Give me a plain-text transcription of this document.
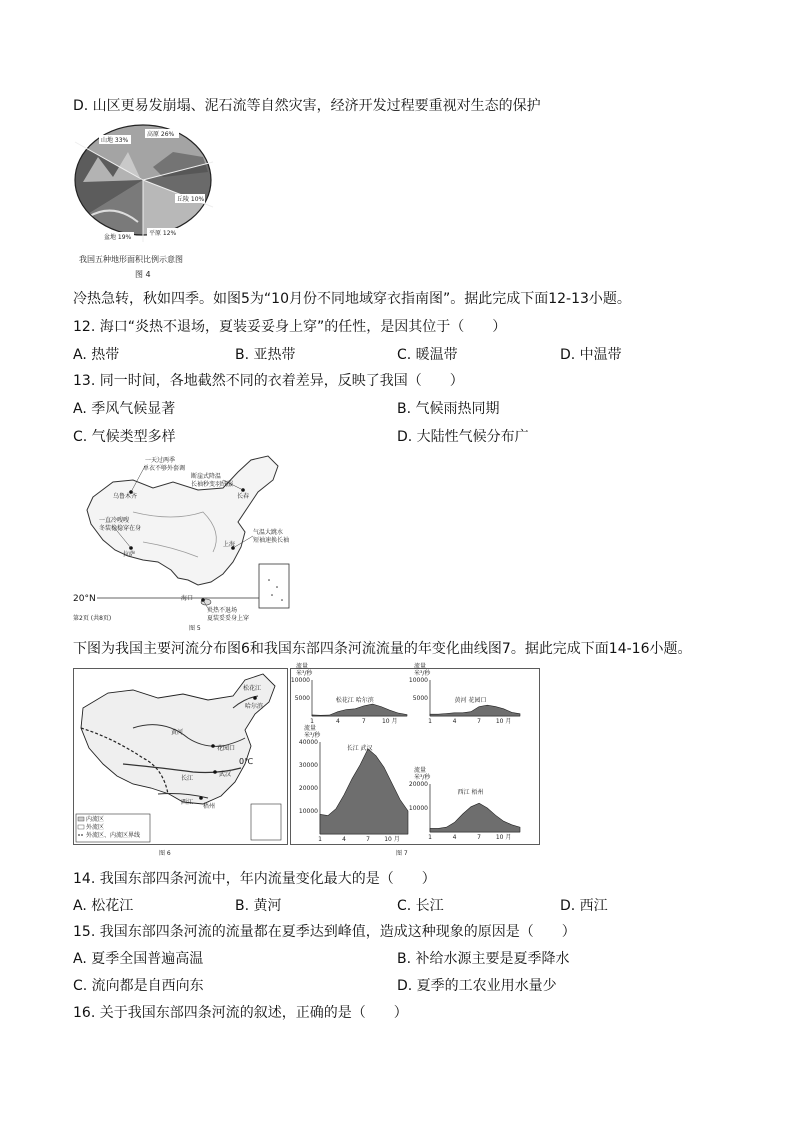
D. 山区更易发崩塌、泥石流等自然灾害，经济开发过程要重视对生态的保护
山地 33%
高原 26%
丘陵 10%
平原 12%
盆地 19%
我国五种地形面积比例示意图
图 4
冷热急转，秋如四季。如图5为“10月份不同地域穿衣指南图”。据此完成下面12-13小题。
12. 海口“炎热不退场，夏装妥妥身上穿”的任性，是因其位于（　　）
A. 热带	B. 亚热带	C. 暖温带	D. 中温带
13. 同一时间，各地截然不同的衣着差异，反映了我国（　　）
A. 季风气候显著	B. 气候雨热同期
C. 气候类型多样	D. 大陆性气候分布广
一天过两季
单衣不够外套调
乌鲁木齐
断崖式降温
长袖秒变羽绒服
长春
一直冷嗖嗖
冬装稳稳穿在身
拉萨
气温大跳水
短袖速换长袖
上海
海口
炎热不退场
夏装妥妥身上穿
20°N
第2页 (共8页)
图 5
下图为我国主要河流分布图6和我国东部四条河流流量的年变化曲线图7。据此完成下面14-16小题。
松花江
哈尔滨
黄河
花园口
长江
武汉
西江
梧州
0℃
内流区
外流区
外流区、内流区界线
图 6	图 7
流量
米³/秒
10000
5000	松花江 哈尔滨
1	4	7	10 月
流量
米³/秒
10000
5000	黄河 花园口
1	4	7 10 月
流量
米³/秒
40000
30000
20000
10000
长江 武汉
1	4	7 10 月
流量
米³/秒
20000
10000
西江 梧州
1	4	7 10 月
14. 我国东部四条河流中，年内流量变化最大的是（　　）
A. 松花江	B. 黄河	C. 长江	D. 西江
15. 我国东部四条河流的流量都在夏季达到峰值，造成这种现象的原因是（　　）
A. 夏季全国普遍高温	B. 补给水源主要是夏季降水
C. 流向都是自西向东	D. 夏季的工农业用水量少
16. 关于我国东部四条河流的叙述，正确的是（　　）
